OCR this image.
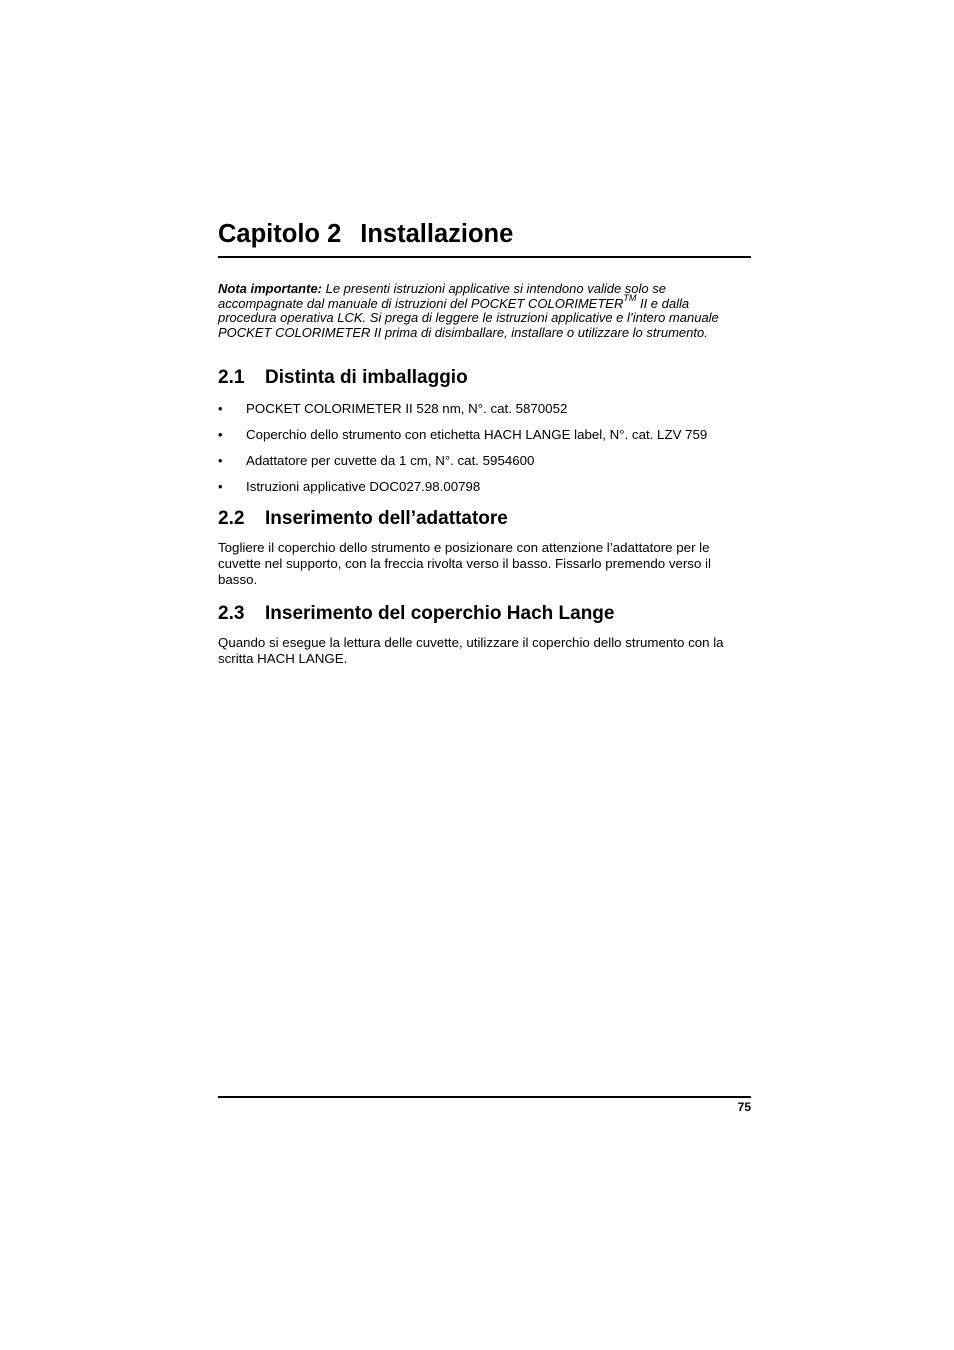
Capitolo 2 Installazione

Nota importante: Le presenti istruzioni applicative si intendono valide solo se accompagnate dal manuale di istruzioni del POCKET COLORIMETER™ II e dalla procedura operativa LCK. Si prega di leggere le istruzioni applicative e l’intero manuale POCKET COLORIMETER II prima di disimballare, installare o utilizzare lo strumento.

2.1 Distinta di imballaggio
• POCKET COLORIMETER II 528 nm, N°. cat. 5870052
• Coperchio dello strumento con etichetta HACH LANGE label, N°. cat. LZV 759
• Adattatore per cuvette da 1 cm, N°. cat. 5954600
• Istruzioni applicative DOC027.98.00798
2.2 Inserimento dell’adattatore

Togliere il coperchio dello strumento e posizionare con attenzione l’adattatore per le cuvette nel supporto, con la freccia rivolta verso il basso. Fissarlo premendo verso il basso.

2.3 Inserimento del coperchio Hach Lange

Quando si esegue la lettura delle cuvette, utilizzare il coperchio dello strumento con la scritta HACH LANGE.

75
